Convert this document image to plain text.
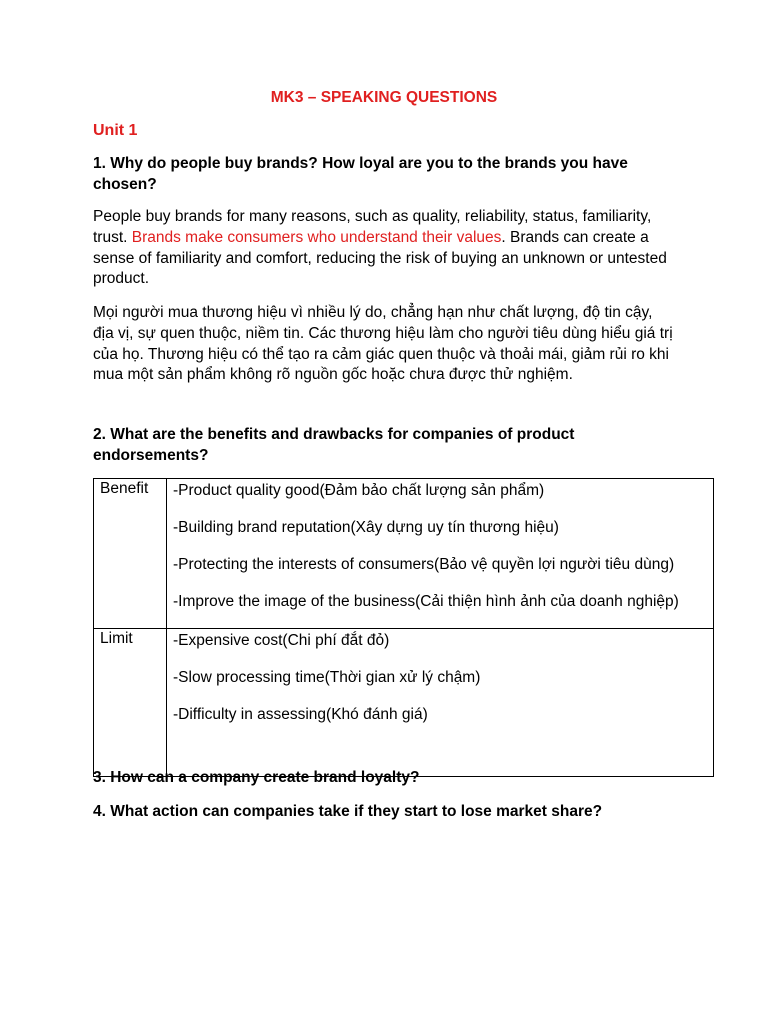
MK3 – SPEAKING QUESTIONS
Unit 1

1. Why do people buy brands? How loyal are you to the brands you have chosen?

People buy brands for many reasons, such as quality, reliability, status, familiarity, trust. Brands make consumers who understand their values. Brands can create a sense of familiarity and comfort, reducing the risk of buying an unknown or untested product.

Mọi người mua thương hiệu vì nhiều lý do, chẳng hạn như chất lượng, độ tin cậy, địa vị, sự quen thuộc, niềm tin. Các thương hiệu làm cho người tiêu dùng hiểu giá trị của họ. Thương hiệu có thể tạo ra cảm giác quen thuộc và thoải mái, giảm rủi ro khi mua một sản phẩm không rõ nguồn gốc hoặc chưa được thử nghiệm.

2. What are the benefits and drawbacks for companies of product endorsements?

Benefit	-Product quality good(Đảm bảo chất lượng sản phẩm)

-Building brand reputation(Xây dựng uy tín thương hiệu)

-Protecting the interests of consumers(Bảo vệ quyền lợi người tiêu dùng)

-Improve the image of the business(Cải thiện hình ảnh của doanh nghiệp)

Limit	-Expensive cost(Chi phí đắt đỏ)

-Slow processing time(Thời gian xử lý chậm)

-Difficulty in assessing(Khó đánh giá)

3. How can a company create brand loyalty?

4. What action can companies take if they start to lose market share?
